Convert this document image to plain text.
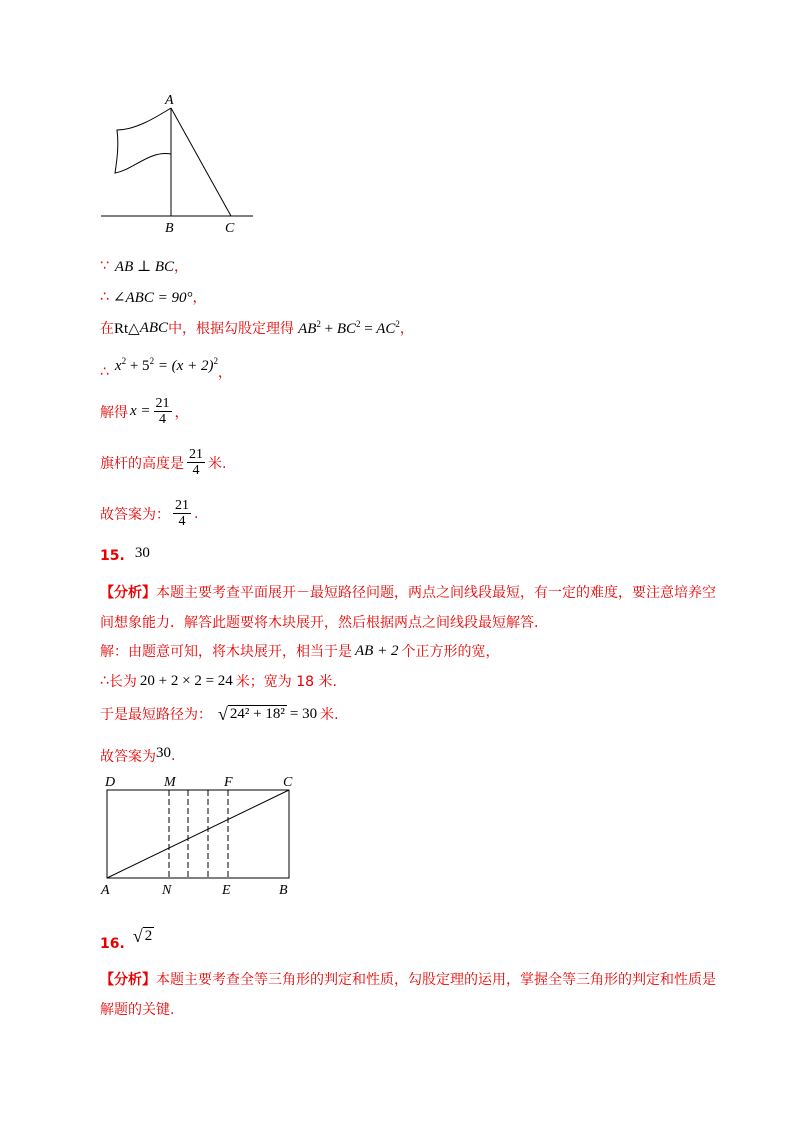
A
B	C
∵ AB ⊥ BC ，
∴ ∠ABC = 90° ，
在 Rt△ ABC 中，根据勾股定理得 $AB^2 + BC^2 = AC^2$ ，
∴ $x^2 + 5^2 = (x + 2)^2$
，
解得 $x = \frac{21}{4}$ ，
旗杆的高度是 $\frac{21}{4}$ 米.
故答案为： $\frac{21}{4}$ .
15. 30
【分析】本题主要考查平面展开－最短路径问题，两点之间线段最短，有一定的难度，要注意培养空
间想象能力．解答此题要将木块展开，然后根据两点之间线段最短解答.
解：由题意可知，将木块展开，相当于是 AB + 2 个正方形的宽，
∴ 长为 20 + 2 × 2 = 24 米；宽为 18 米.
于是最短路径为： √ 24² + 18² = 30 米.
故答案为 30 .
D	M	F	C
A	N	E	B
16. √ 2
【分析】本题主要考查全等三角形的判定和性质，勾股定理的运用，掌握全等三角形的判定和性质是
解题的关键.
